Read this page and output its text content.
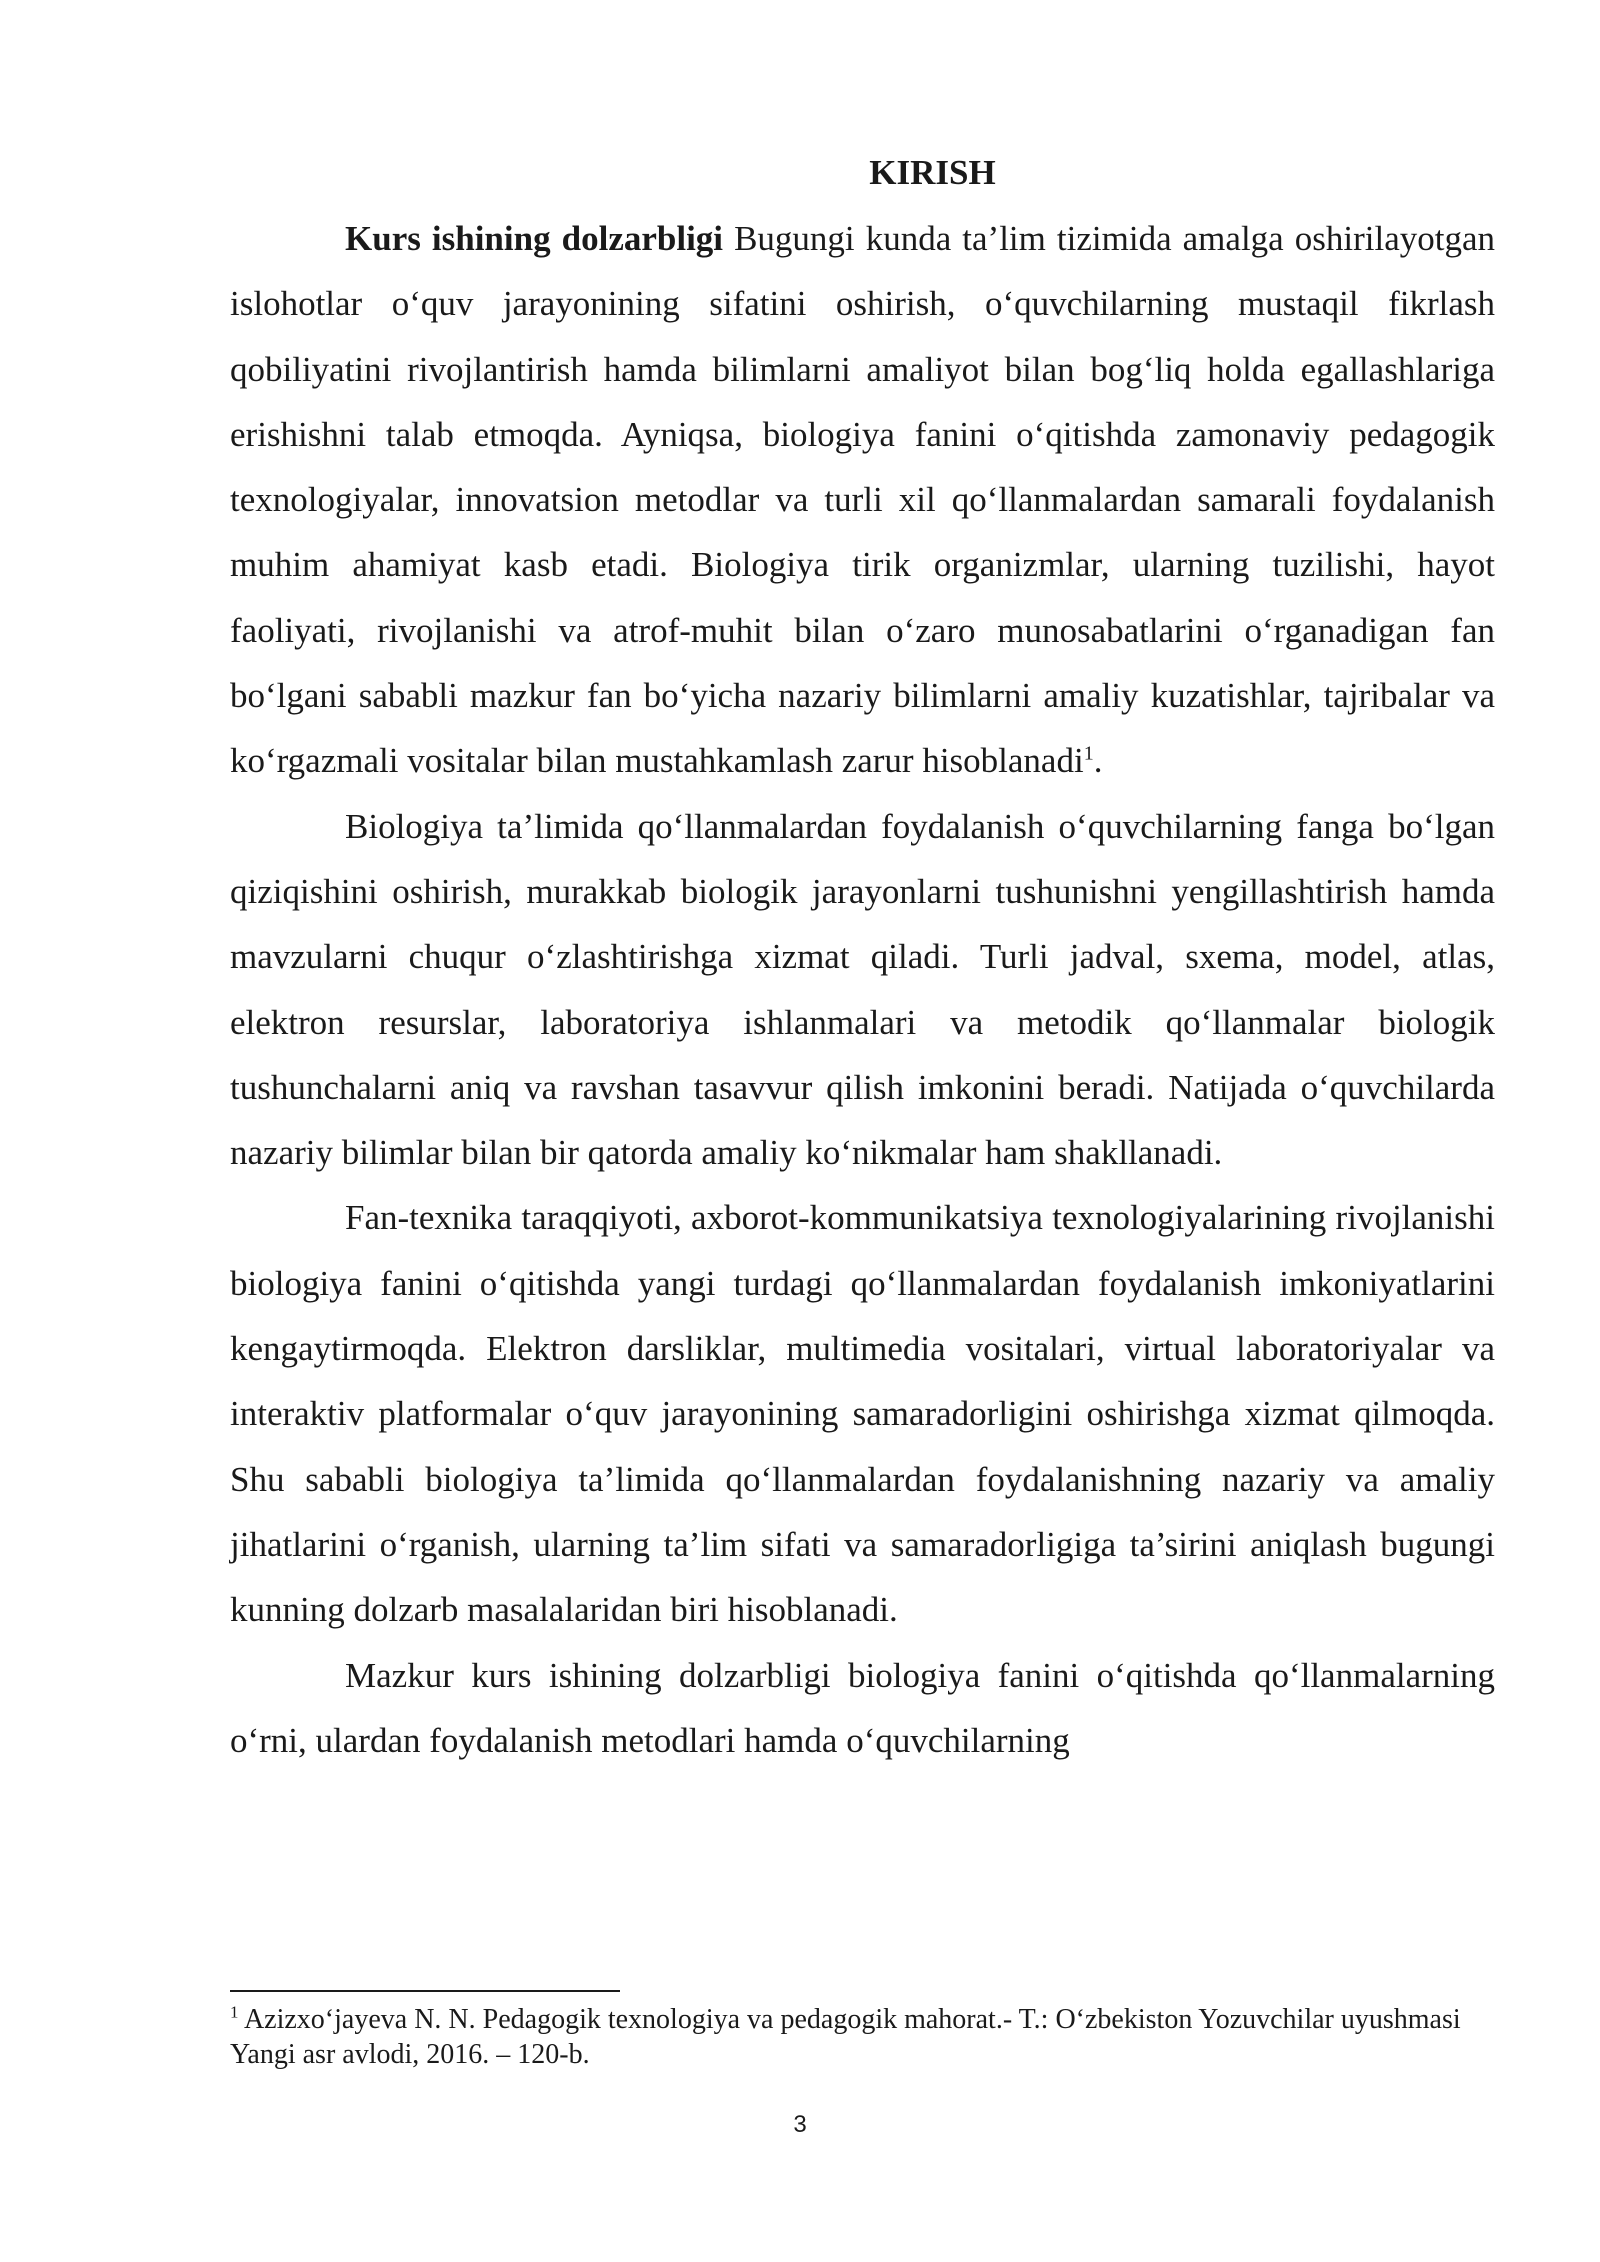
KIRISH

Kurs ishining dolzarbligi Bugungi kunda ta’lim tizimida amalga oshirilayotgan islohotlar o‘quv jarayonining sifatini oshirish, o‘quvchilarning mustaqil fikrlash qobiliyatini rivojlantirish hamda bilimlarni amaliyot bilan bog‘liq holda egallashlariga erishishni talab etmoqda. Ayniqsa, biologiya fanini o‘qitishda zamonaviy pedagogik texnologiyalar, innovatsion metodlar va turli xil qo‘llanmalardan samarali foydalanish muhim ahamiyat kasb etadi. Biologiya tirik organizmlar, ularning tuzilishi, hayot faoliyati, rivojlanishi va atrof-muhit bilan o‘zaro munosabatlarini o‘rganadigan fan bo‘lgani sababli mazkur fan bo‘yicha nazariy bilimlarni amaliy kuzatishlar, tajribalar va ko‘rgazmali vositalar bilan mustahkamlash zarur hisoblanadi$^1$.

Biologiya ta’limida qo‘llanmalardan foydalanish o‘quvchilarning fanga bo‘lgan qiziqishini oshirish, murakkab biologik jarayonlarni tushunishni yengillashtirish hamda mavzularni chuqur o‘zlashtirishga xizmat qiladi. Turli jadval, sxema, model, atlas, elektron resurslar, laboratoriya ishlanmalari va metodik qo‘llanmalar biologik tushunchalarni aniq va ravshan tasavvur qilish imkonini beradi. Natijada o‘quvchilarda nazariy bilimlar bilan bir qatorda amaliy ko‘nikmalar ham shakllanadi.

Fan-texnika taraqqiyoti, axborot-kommunikatsiya texnologiyalarining rivojlanishi biologiya fanini o‘qitishda yangi turdagi qo‘llanmalardan foydalanish imkoniyatlarini kengaytirmoqda. Elektron darsliklar, multimedia vositalari, virtual laboratoriyalar va interaktiv platformalar o‘quv jarayonining samaradorligini oshirishga xizmat qilmoqda. Shu sababli biologiya ta’limida qo‘llanmalardan foydalanishning nazariy va amaliy jihatlarini o‘rganish, ularning ta’lim sifati va samaradorligiga ta’sirini aniqlash bugungi kunning dolzarb masalalaridan biri hisoblanadi.

Mazkur kurs ishining dolzarbligi biologiya fanini o‘qitishda qo‘llanmalarning o‘rni, ulardan foydalanish metodlari hamda o‘quvchilarning

$^1$ Azizxo‘jayeva N. N. Pedagogik texnologiya va pedagogik mahorat.- T.: O‘zbekiston Yozuvchilar uyushmasi Yangi asr avlodi, 2016. – 120-b.

3
